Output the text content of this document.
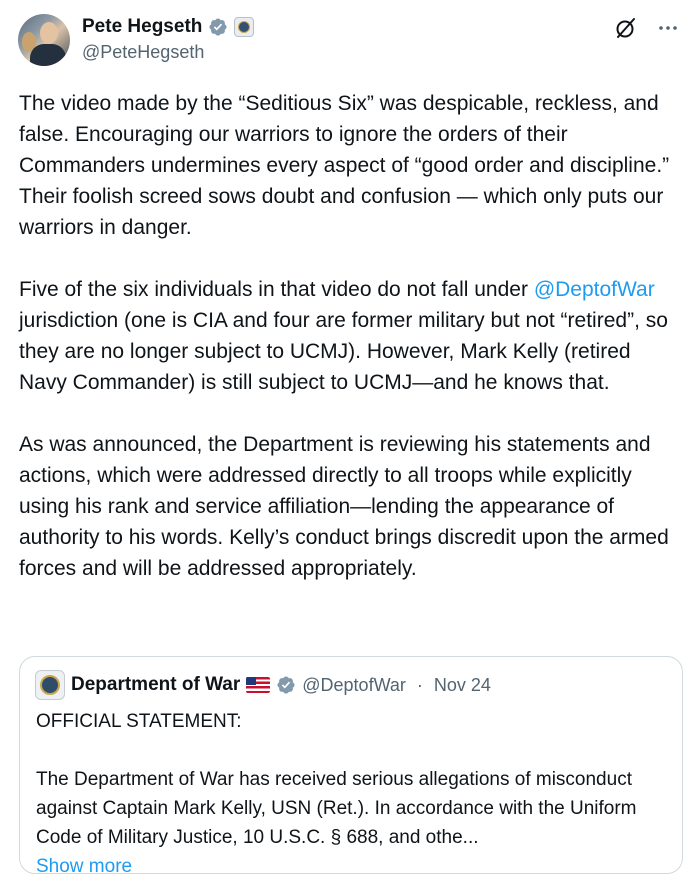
Pete Hegseth
@PeteHegseth

The video made by the “Seditious Six” was despicable, reckless, and false. Encouraging our warriors to ignore the orders of their Commanders undermines every aspect of “good order and discipline.” Their foolish screed sows doubt and confusion — which only puts our warriors in danger.

Five of the six individuals in that video do not fall under @DeptofWar jurisdiction (one is CIA and four are former military but not “retired”, so they are no longer subject to UCMJ). However, Mark Kelly (retired Navy Commander) is still subject to UCMJ—and he knows that.

As was announced, the Department is reviewing his statements and actions, which were addressed directly to all troops while explicitly using his rank and service affiliation—lending the appearance of authority to his words. Kelly’s conduct brings discredit upon the armed forces and will be addressed appropriately.

Department of War	@DeptofWar · Nov 24

OFFICIAL STATEMENT:

The Department of War has received serious allegations of misconduct against Captain Mark Kelly, USN (Ret.). In accordance with the Uniform Code of Military Justice, 10 U.S.C. § 688, and othe...

Show more
